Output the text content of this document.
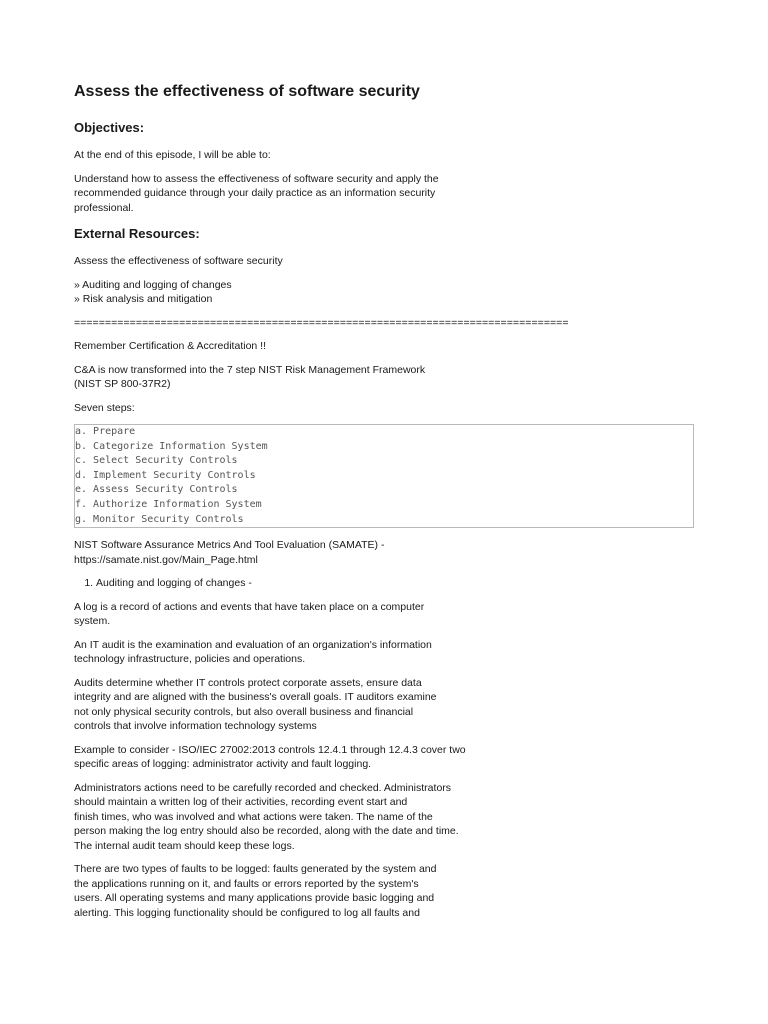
Assess the effectiveness of software security
Objectives:

At the end of this episode, I will be able to:

Understand how to assess the effectiveness of software security and apply the
recommended guidance through your daily practice as an information security
professional.

External Resources:

Assess the effectiveness of software security

» Auditing and logging of changes
» Risk analysis and mitigation

================================================================================

Remember Certification & Accreditation !!

C&A is now transformed into the 7 step NIST Risk Management Framework
(NIST SP 800-37R2)

Seven steps:

a. Prepare
b. Categorize Information System
c. Select Security Controls
d. Implement Security Controls
e. Assess Security Controls
f. Authorize Information System
g. Monitor Security Controls

NIST Software Assurance Metrics And Tool Evaluation (SAMATE) -
https://samate.nist.gov/Main_Page.html

1. Auditing and logging of changes -

A log is a record of actions and events that have taken place on a computer
system.

An IT audit is the examination and evaluation of an organization's information
technology infrastructure, policies and operations.

Audits determine whether IT controls protect corporate assets, ensure data
integrity and are aligned with the business's overall goals. IT auditors examine
not only physical security controls, but also overall business and financial
controls that involve information technology systems

Example to consider - ISO/IEC 27002:2013 controls 12.4.1 through 12.4.3 cover two
specific areas of logging: administrator activity and fault logging.

Administrators actions need to be carefully recorded and checked. Administrators
should maintain a written log of their activities, recording event start and
finish times, who was involved and what actions were taken. The name of the
person making the log entry should also be recorded, along with the date and time.
The internal audit team should keep these logs.

There are two types of faults to be logged: faults generated by the system and
the applications running on it, and faults or errors reported by the system's
users. All operating systems and many applications provide basic logging and
alerting. This logging functionality should be configured to log all faults and
